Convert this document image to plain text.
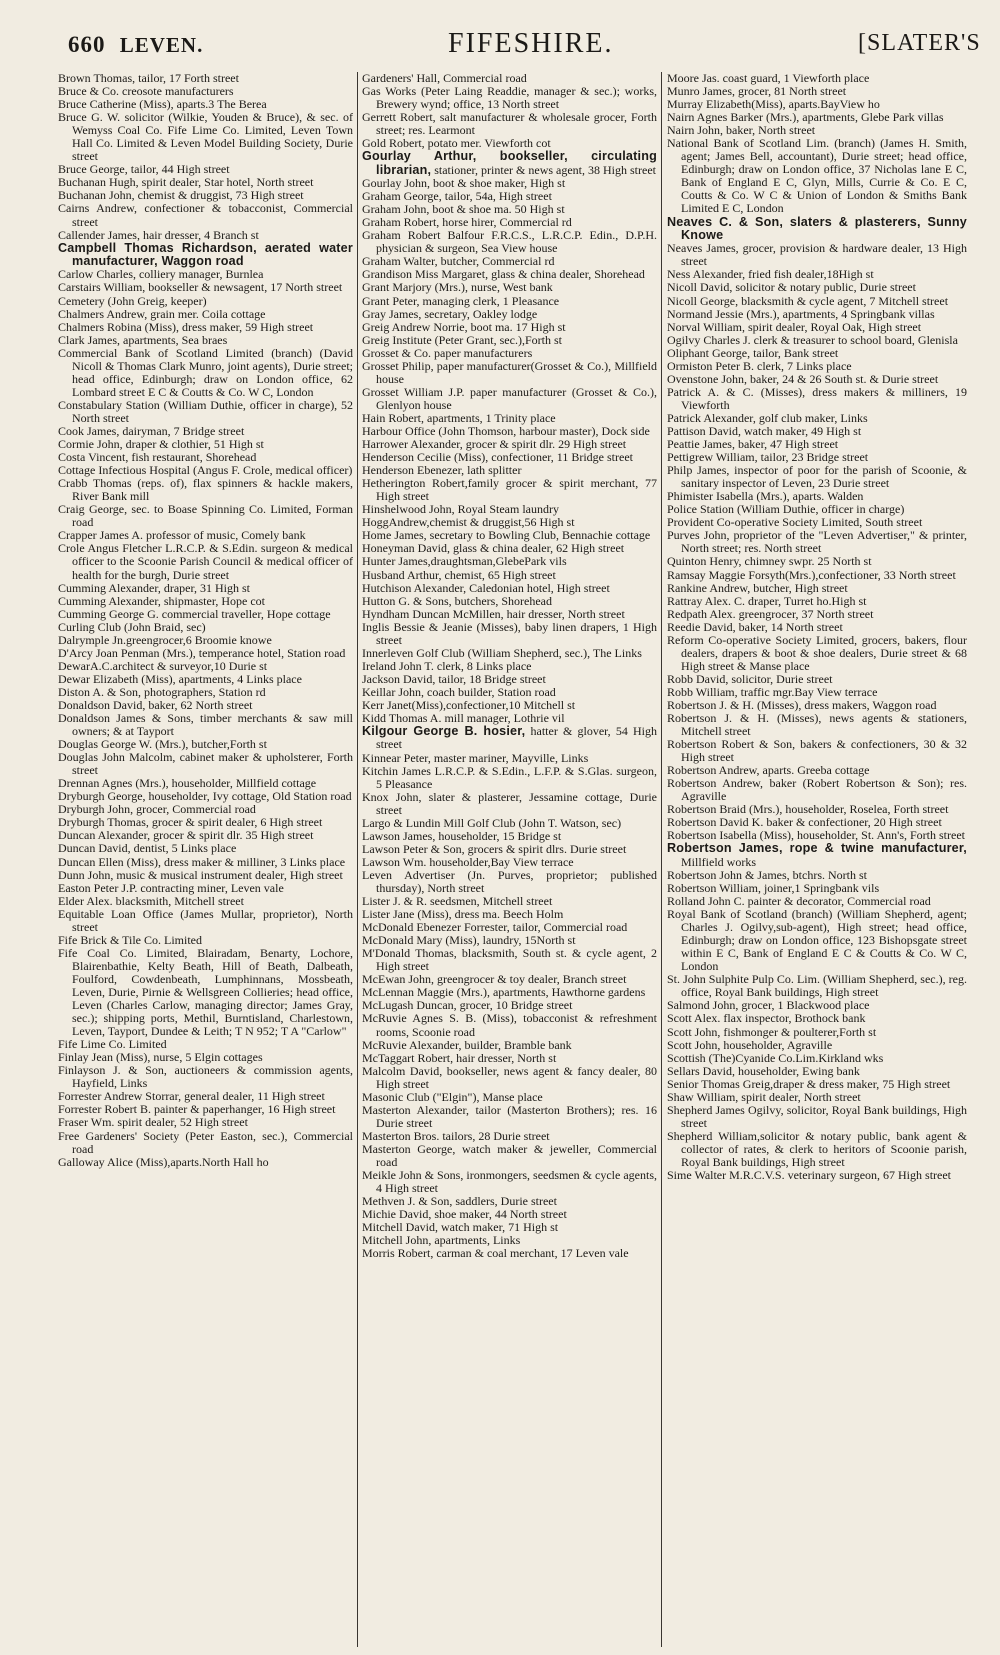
660 LEVEN.	FIFESHIRE.	[SLATER'S

Brown Thomas, tailor, 17 Forth street

Bruce & Co. creosote manufacturers

Bruce Catherine (Miss), aparts.3 The Berea

Bruce G. W. solicitor (Wilkie, Youden & Bruce), & sec. of Wemyss Coal Co. Fife Lime Co. Limited, Leven Town Hall Co. Limited & Leven Model Building Society, Durie street

Bruce George, tailor, 44 High street

Buchanan Hugh, spirit dealer, Star hotel, North street

Buchanan John, chemist & druggist, 73 High street

Cairns Andrew, confectioner & tobacconist, Commercial street

Callender James, hair dresser, 4 Branch st

Campbell Thomas Richardson, aerated water manufacturer, Waggon road

Carlow Charles, colliery manager, Burnlea

Carstairs William, bookseller & newsagent, 17 North street

Cemetery (John Greig, keeper)

Chalmers Andrew, grain mer. Coila cottage

Chalmers Robina (Miss), dress maker, 59 High street

Clark James, apartments, Sea braes

Commercial Bank of Scotland Limited (branch) (David Nicoll & Thomas Clark Munro, joint agents), Durie street; head office, Edinburgh; draw on London office, 62 Lombard street E C & Coutts & Co. W C, London

Constabulary Station (William Duthie, officer in charge), 52 North street

Cook James, dairyman, 7 Bridge street

Cormie John, draper & clothier, 51 High st

Costa Vincent, fish restaurant, Shorehead

Cottage Infectious Hospital (Angus F. Crole, medical officer)

Crabb Thomas (reps. of), flax spinners & hackle makers, River Bank mill

Craig George, sec. to Boase Spinning Co. Limited, Forman road

Crapper James A. professor of music, Comely bank

Crole Angus Fletcher L.R.C.P. & S.Edin. surgeon & medical officer to the Scoonie Parish Council & medical officer of health for the burgh, Durie street

Cumming Alexander, draper, 31 High st

Cumming Alexander, shipmaster, Hope cot

Cumming George G. commercial traveller, Hope cottage

Curling Club (John Braid, sec)

Dalrymple Jn.greengrocer,6 Broomie knowe

D'Arcy Joan Penman (Mrs.), temperance hotel, Station road

DewarA.C.architect & surveyor,10 Durie st

Dewar Elizabeth (Miss), apartments, 4 Links place

Diston A. & Son, photographers, Station rd

Donaldson David, baker, 62 North street

Donaldson James & Sons, timber merchants & saw mill owners; & at Tayport

Douglas George W. (Mrs.), butcher,Forth st

Douglas John Malcolm, cabinet maker & upholsterer, Forth street

Drennan Agnes (Mrs.), householder, Millfield cottage

Dryburgh George, householder, Ivy cottage, Old Station road

Dryburgh John, grocer, Commercial road

Dryburgh Thomas, grocer & spirit dealer, 6 High street

Duncan Alexander, grocer & spirit dlr. 35 High street

Duncan David, dentist, 5 Links place

Duncan Ellen (Miss), dress maker & milliner, 3 Links place

Dunn John, music & musical instrument dealer, High street

Easton Peter J.P. contracting miner, Leven vale

Elder Alex. blacksmith, Mitchell street

Equitable Loan Office (James Mullar, proprietor), North street

Fife Brick & Tile Co. Limited

Fife Coal Co. Limited, Blairadam, Benarty, Lochore, Blairenbathie, Kelty Beath, Hill of Beath, Dalbeath, Foulford, Cowdenbeath, Lumphinnans, Mossbeath, Leven, Durie, Pirnie & Wellsgreen Collieries; head office, Leven (Charles Carlow, managing director; James Gray, sec.); shipping ports, Methil, Burntisland, Charlestown, Leven, Tayport, Dundee & Leith; T N 952; T A "Carlow"

Fife Lime Co. Limited

Finlay Jean (Miss), nurse, 5 Elgin cottages

Finlayson J. & Son, auctioneers & commission agents, Hayfield, Links

Forrester Andrew Storrar, general dealer, 11 High street

Forrester Robert B. painter & paperhanger, 16 High street

Fraser Wm. spirit dealer, 52 High street

Free Gardeners' Society (Peter Easton, sec.), Commercial road

Galloway Alice (Miss),aparts.North Hall ho

Gardeners' Hall, Commercial road

Gas Works (Peter Laing Readdie, manager & sec.); works, Brewery wynd; office, 13 North street

Gerrett Robert, salt manufacturer & wholesale grocer, Forth street; res. Learmont

Gold Robert, potato mer. Viewforth cot

Gourlay Arthur, bookseller, circulating librarian, stationer, printer & news agent, 38 High street

Gourlay John, boot & shoe maker, High st

Graham George, tailor, 54a, High street

Graham John, boot & shoe ma. 50 High st

Graham Robert, horse hirer, Commercial rd

Graham Robert Balfour F.R.C.S., L.R.C.P. Edin., D.P.H. physician & surgeon, Sea View house

Graham Walter, butcher, Commercial rd

Grandison Miss Margaret, glass & china dealer, Shorehead

Grant Marjory (Mrs.), nurse, West bank

Grant Peter, managing clerk, 1 Pleasance

Gray James, secretary, Oakley lodge

Greig Andrew Norrie, boot ma. 17 High st

Greig Institute (Peter Grant, sec.),Forth st

Grosset & Co. paper manufacturers

Grosset Philip, paper manufacturer(Grosset & Co.), Millfield house

Grosset William J.P. paper manufacturer (Grosset & Co.), Glenlyon house

Hain Robert, apartments, 1 Trinity place

Harbour Office (John Thomson, harbour master), Dock side

Harrower Alexander, grocer & spirit dlr. 29 High street

Henderson Cecilie (Miss), confectioner, 11 Bridge street

Henderson Ebenezer, lath splitter

Hetherington Robert,family grocer & spirit merchant, 77 High street

Hinshelwood John, Royal Steam laundry

HoggAndrew,chemist & druggist,56 High st

Home James, secretary to Bowling Club, Bennachie cottage

Honeyman David, glass & china dealer, 62 High street

Hunter James,draughtsman,GlebePark vils

Husband Arthur, chemist, 65 High street

Hutchison Alexander, Caledonian hotel, High street

Hutton G. & Sons, butchers, Shorehead

Hyndham Duncan McMillen, hair dresser, North street

Inglis Bessie & Jeanie (Misses), baby linen drapers, 1 High street

Innerleven Golf Club (William Shepherd, sec.), The Links

Ireland John T. clerk, 8 Links place

Jackson David, tailor, 18 Bridge street

Keillar John, coach builder, Station road

Kerr Janet(Miss),confectioner,10 Mitchell st

Kidd Thomas A. mill manager, Lothrie vil

Kilgour George B. hosier, hatter & glover, 54 High street

Kinnear Peter, master mariner, Mayville, Links

Kitchin James L.R.C.P. & S.Edin., L.F.P. & S.Glas. surgeon, 5 Pleasance

Knox John, slater & plasterer, Jessamine cottage, Durie street

Largo & Lundin Mill Golf Club (John T. Watson, sec)

Lawson James, householder, 15 Bridge st

Lawson Peter & Son, grocers & spirit dlrs. Durie street

Lawson Wm. householder,Bay View terrace

Leven Advertiser (Jn. Purves, proprietor; published thursday), North street

Lister J. & R. seedsmen, Mitchell street

Lister Jane (Miss), dress ma. Beech Holm

McDonald Ebenezer Forrester, tailor, Commercial road

McDonald Mary (Miss), laundry, 15North st

M'Donald Thomas, blacksmith, South st. & cycle agent, 2 High street

McEwan John, greengrocer & toy dealer, Branch street

McLennan Maggie (Mrs.), apartments, Hawthorne gardens

McLugash Duncan, grocer, 10 Bridge street

McRuvie Agnes S. B. (Miss), tobacconist & refreshment rooms, Scoonie road

McRuvie Alexander, builder, Bramble bank

McTaggart Robert, hair dresser, North st

Malcolm David, bookseller, news agent & fancy dealer, 80 High street

Masonic Club ("Elgin"), Manse place

Masterton Alexander, tailor (Masterton Brothers); res. 16 Durie street

Masterton Bros. tailors, 28 Durie street

Masterton George, watch maker & jeweller, Commercial road

Meikle John & Sons, ironmongers, seedsmen & cycle agents, 4 High street

Methven J. & Son, saddlers, Durie street

Michie David, shoe maker, 44 North street

Mitchell David, watch maker, 71 High st

Mitchell John, apartments, Links

Morris Robert, carman & coal merchant, 17 Leven vale

Moore Jas. coast guard, 1 Viewforth place

Munro James, grocer, 81 North street

Murray Elizabeth(Miss), aparts.BayView ho

Nairn Agnes Barker (Mrs.), apartments, Glebe Park villas

Nairn John, baker, North street

National Bank of Scotland Lim. (branch) (James H. Smith, agent; James Bell, accountant), Durie street; head office, Edinburgh; draw on London office, 37 Nicholas lane E C, Bank of England E C, Glyn, Mills, Currie & Co. E C, Coutts & Co. W C & Union of London & Smiths Bank Limited E C, London

Neaves C. & Son, slaters & plasterers, Sunny Knowe

Neaves James, grocer, provision & hardware dealer, 13 High street

Ness Alexander, fried fish dealer,18High st

Nicoll David, solicitor & notary public, Durie street

Nicoll George, blacksmith & cycle agent, 7 Mitchell street

Normand Jessie (Mrs.), apartments, 4 Springbank villas

Norval William, spirit dealer, Royal Oak, High street

Ogilvy Charles J. clerk & treasurer to school board, Glenisla

Oliphant George, tailor, Bank street

Ormiston Peter B. clerk, 7 Links place

Ovenstone John, baker, 24 & 26 South st. & Durie street

Patrick A. & C. (Misses), dress makers & milliners, 19 Viewforth

Patrick Alexander, golf club maker, Links

Pattison David, watch maker, 49 High st

Peattie James, baker, 47 High street

Pettigrew William, tailor, 23 Bridge street

Philp James, inspector of poor for the parish of Scoonie, & sanitary inspector of Leven, 23 Durie street

Phimister Isabella (Mrs.), aparts. Walden

Police Station (William Duthie, officer in charge)

Provident Co-operative Society Limited, South street

Purves John, proprietor of the "Leven Advertiser," & printer, North street; res. North street

Quinton Henry, chimney swpr. 25 North st

Ramsay Maggie Forsyth(Mrs.),confectioner, 33 North street

Rankine Andrew, butcher, High street

Rattray Alex. C. draper, Turret ho.High st

Redpath Alex. greengrocer, 37 North street

Reedie David, baker, 14 North street

Reform Co-operative Society Limited, grocers, bakers, flour dealers, drapers & boot & shoe dealers, Durie street & 68 High street & Manse place

Robb David, solicitor, Durie street

Robb William, traffic mgr.Bay View terrace

Robertson J. & H. (Misses), dress makers, Waggon road

Robertson J. & H. (Misses), news agents & stationers, Mitchell street

Robertson Robert & Son, bakers & confectioners, 30 & 32 High street

Robertson Andrew, aparts. Greeba cottage

Robertson Andrew, baker (Robert Robertson & Son); res. Agraville

Robertson Braid (Mrs.), householder, Roselea, Forth street

Robertson David K. baker & confectioner, 20 High street

Robertson Isabella (Miss), householder, St. Ann's, Forth street

Robertson James, rope & twine manufacturer, Millfield works

Robertson John & James, btchrs. North st

Robertson William, joiner,1 Springbank vils

Rolland John C. painter & decorator, Commercial road

Royal Bank of Scotland (branch) (William Shepherd, agent; Charles J. Ogilvy,sub-agent), High street; head office, Edinburgh; draw on London office, 123 Bishopsgate street within E C, Bank of England E C & Coutts & Co. W C, London

St. John Sulphite Pulp Co. Lim. (William Shepherd, sec.), reg. office, Royal Bank buildings, High street

Salmond John, grocer, 1 Blackwood place

Scott Alex. flax inspector, Brothock bank

Scott John, fishmonger & poulterer,Forth st

Scott John, householder, Agraville

Scottish (The)Cyanide Co.Lim.Kirkland wks

Sellars David, householder, Ewing bank

Senior Thomas Greig,draper & dress maker, 75 High street

Shaw William, spirit dealer, North street

Shepherd James Ogilvy, solicitor, Royal Bank buildings, High street

Shepherd William,solicitor & notary public, bank agent & collector of rates, & clerk to heritors of Scoonie parish, Royal Bank buildings, High street

Sime Walter M.R.C.V.S. veterinary surgeon, 67 High street
